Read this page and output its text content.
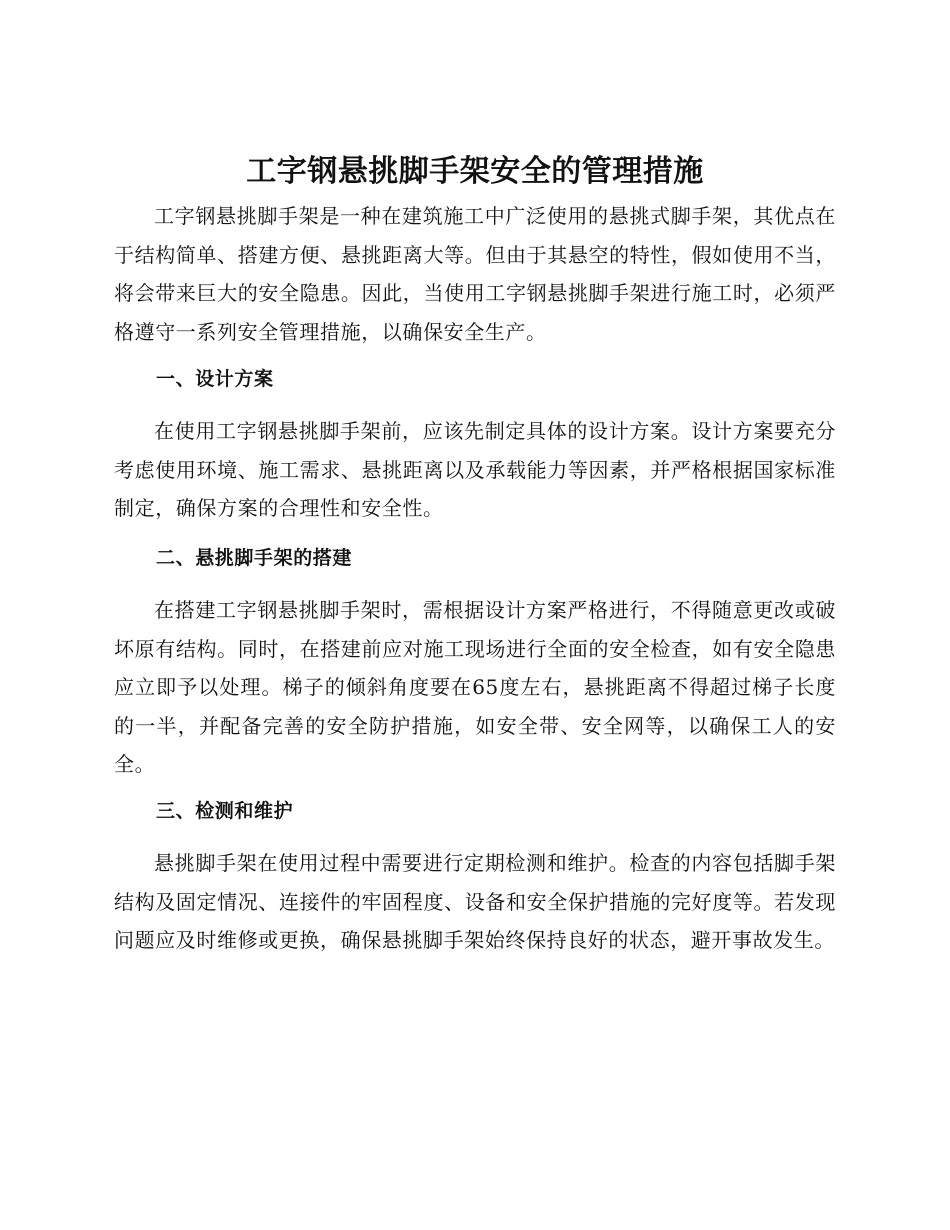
工字钢悬挑脚手架安全的管理措施

工字钢悬挑脚手架是一种在建筑施工中广泛使用的悬挑式脚手架，其优点在于结构简单、搭建方便、悬挑距离大等。但由于其悬空的特性，假如使用不当，将会带来巨大的安全隐患。因此，当使用工字钢悬挑脚手架进行施工时，必须严格遵守一系列安全管理措施，以确保安全生产。

一、设计方案

在使用工字钢悬挑脚手架前，应该先制定具体的设计方案。设计方案要充分考虑使用环境、施工需求、悬挑距离以及承载能力等因素，并严格根据国家标准制定，确保方案的合理性和安全性。

二、悬挑脚手架的搭建

在搭建工字钢悬挑脚手架时，需根据设计方案严格进行，不得随意更改或破坏原有结构。同时，在搭建前应对施工现场进行全面的安全检查，如有安全隐患应立即予以处理。梯子的倾斜角度要在65度左右，悬挑距离不得超过梯子长度的一半，并配备完善的安全防护措施，如安全带、安全网等，以确保工人的安全。

三、检测和维护

悬挑脚手架在使用过程中需要进行定期检测和维护。检查的内容包括脚手架结构及固定情况、连接件的牢固程度、设备和安全保护措施的完好度等。若发现问题应及时维修或更换，确保悬挑脚手架始终保持良好的状态，避开事故发生。
